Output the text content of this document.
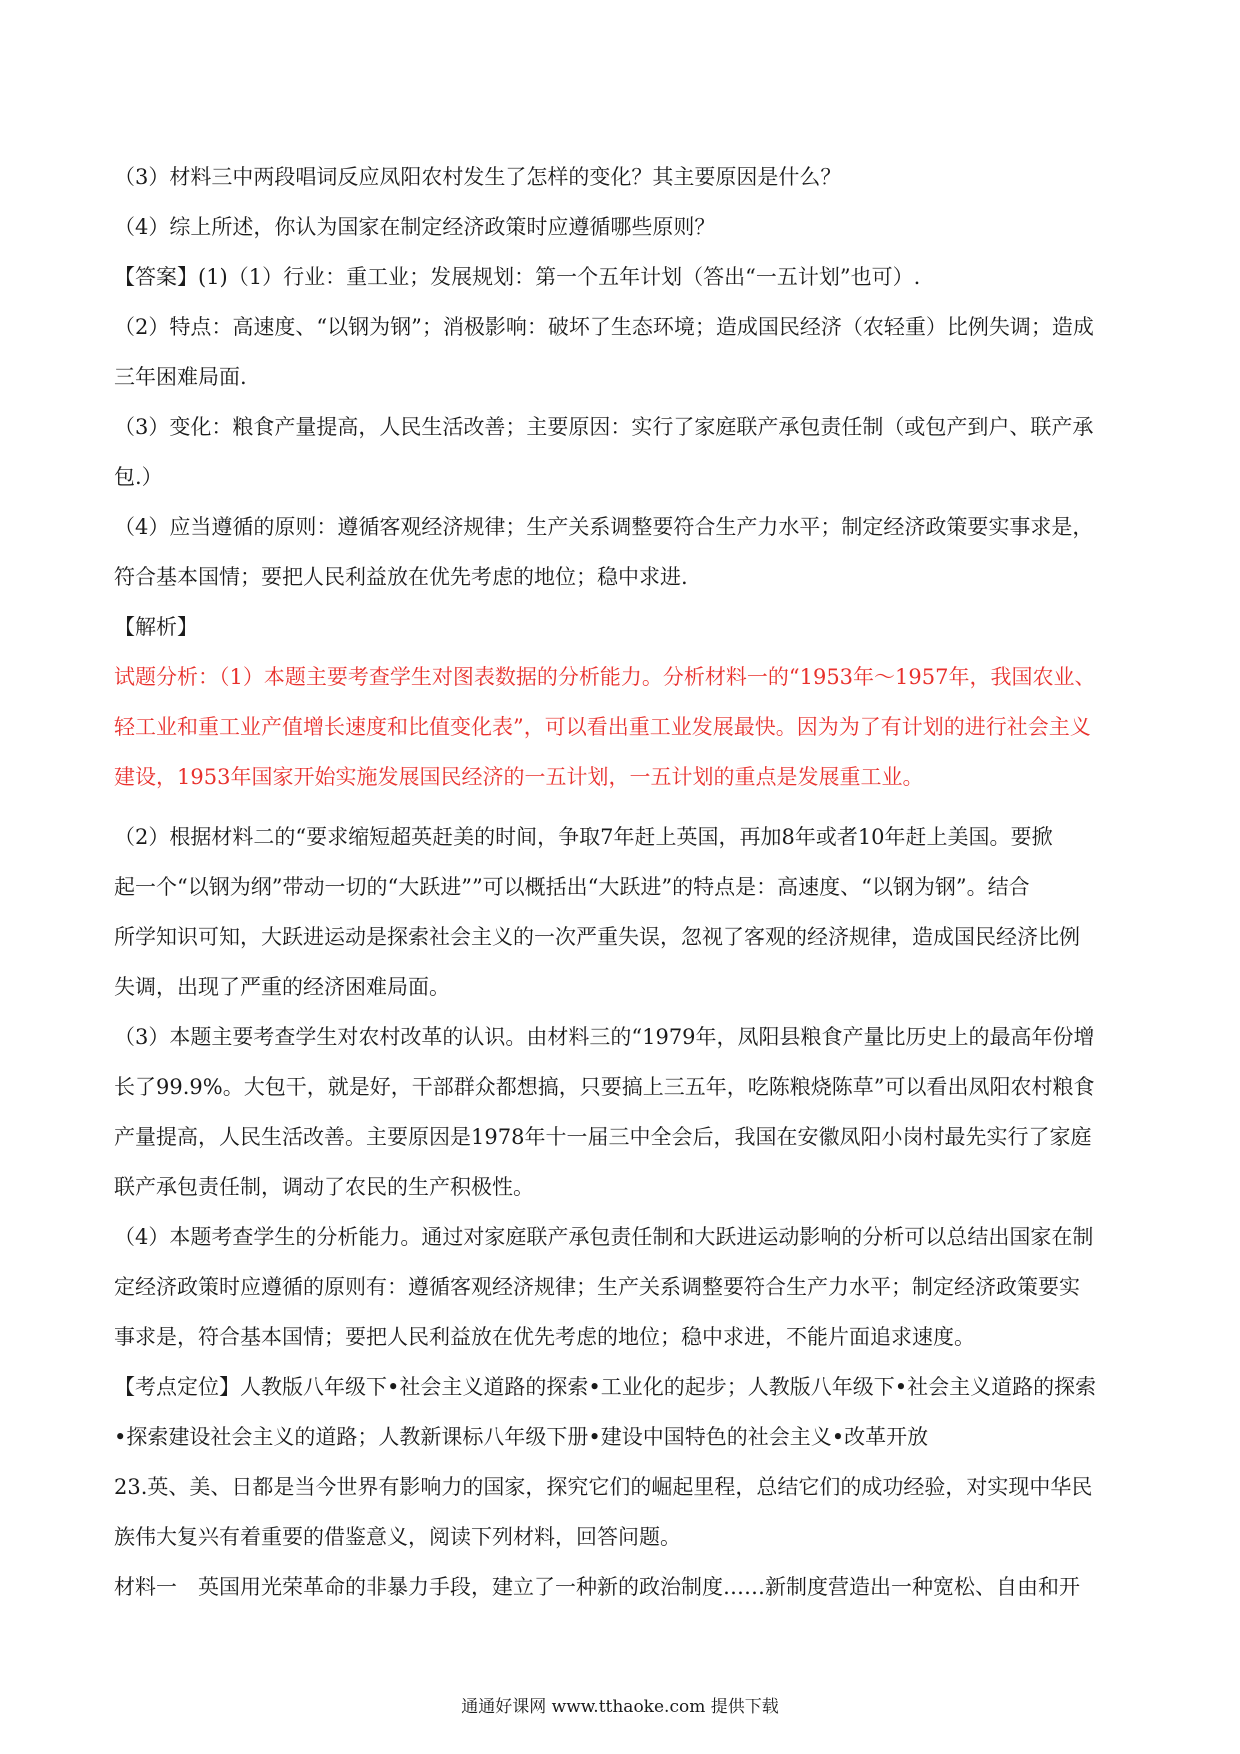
（3）材料三中两段唱词反应凤阳农村发生了怎样的变化？其主要原因是什么？
（4）综上所述，你认为国家在制定经济政策时应遵循哪些原则？
【答案】(1)（1）行业：重工业；发展规划：第一个五年计划（答出“一五计划”也可）.
（2）特点：高速度、“以钢为钢”；消极影响：破坏了生态环境；造成国民经济（农轻重）比例失调；造成
三年困难局面.
（3）变化：粮食产量提高，人民生活改善；主要原因：实行了家庭联产承包责任制（或包产到户、联产承
包.）
（4）应当遵循的原则：遵循客观经济规律；生产关系调整要符合生产力水平；制定经济政策要实事求是，
符合基本国情；要把人民利益放在优先考虑的地位；稳中求进.
【解析】
试题分析：（1）本题主要考查学生对图表数据的分析能力。分析材料一的“1953年～1957年，我国农业、
轻工业和重工业产值增长速度和比值变化表”，可以看出重工业发展最快。因为为了有计划的进行社会主义
建设，1953年国家开始实施发展国民经济的一五计划，一五计划的重点是发展重工业。
（2）根据材料二的“要求缩短超英赶美的时间，争取7年赶上英国，再加8年或者10年赶上美国。要掀
起一个“以钢为纲”带动一切的“大跃进””可以概括出“大跃进”的特点是：高速度、“以钢为钢”。结合
所学知识可知，大跃进运动是探索社会主义的一次严重失误，忽视了客观的经济规律，造成国民经济比例
失调，出现了严重的经济困难局面。
（3）本题主要考查学生对农村改革的认识。由材料三的“1979年，凤阳县粮食产量比历史上的最高年份增
长了99.9%。大包干，就是好，干部群众都想搞，只要搞上三五年，吃陈粮烧陈草”可以看出凤阳农村粮食
产量提高，人民生活改善。主要原因是1978年十一届三中全会后，我国在安徽凤阳小岗村最先实行了家庭
联产承包责任制，调动了农民的生产积极性。
（4）本题考查学生的分析能力。通过对家庭联产承包责任制和大跃进运动影响的分析可以总结出国家在制
定经济政策时应遵循的原则有：遵循客观经济规律；生产关系调整要符合生产力水平；制定经济政策要实
事求是，符合基本国情；要把人民利益放在优先考虑的地位；稳中求进，不能片面追求速度。
【考点定位】人教版八年级下•社会主义道路的探索•工业化的起步；人教版八年级下•社会主义道路的探索
•探索建设社会主义的道路；人教新课标八年级下册•建设中国特色的社会主义•改革开放
23.英、美、日都是当今世界有影响力的国家，探究它们的崛起里程，总结它们的成功经验，对实现中华民
族伟大复兴有着重要的借鉴意义，阅读下列材料，回答问题。
材料一　英国用光荣革命的非暴力手段，建立了一种新的政治制度……新制度营造出一种宽松、自由和开
通通好课网 www.tthaoke.com 提供下载
